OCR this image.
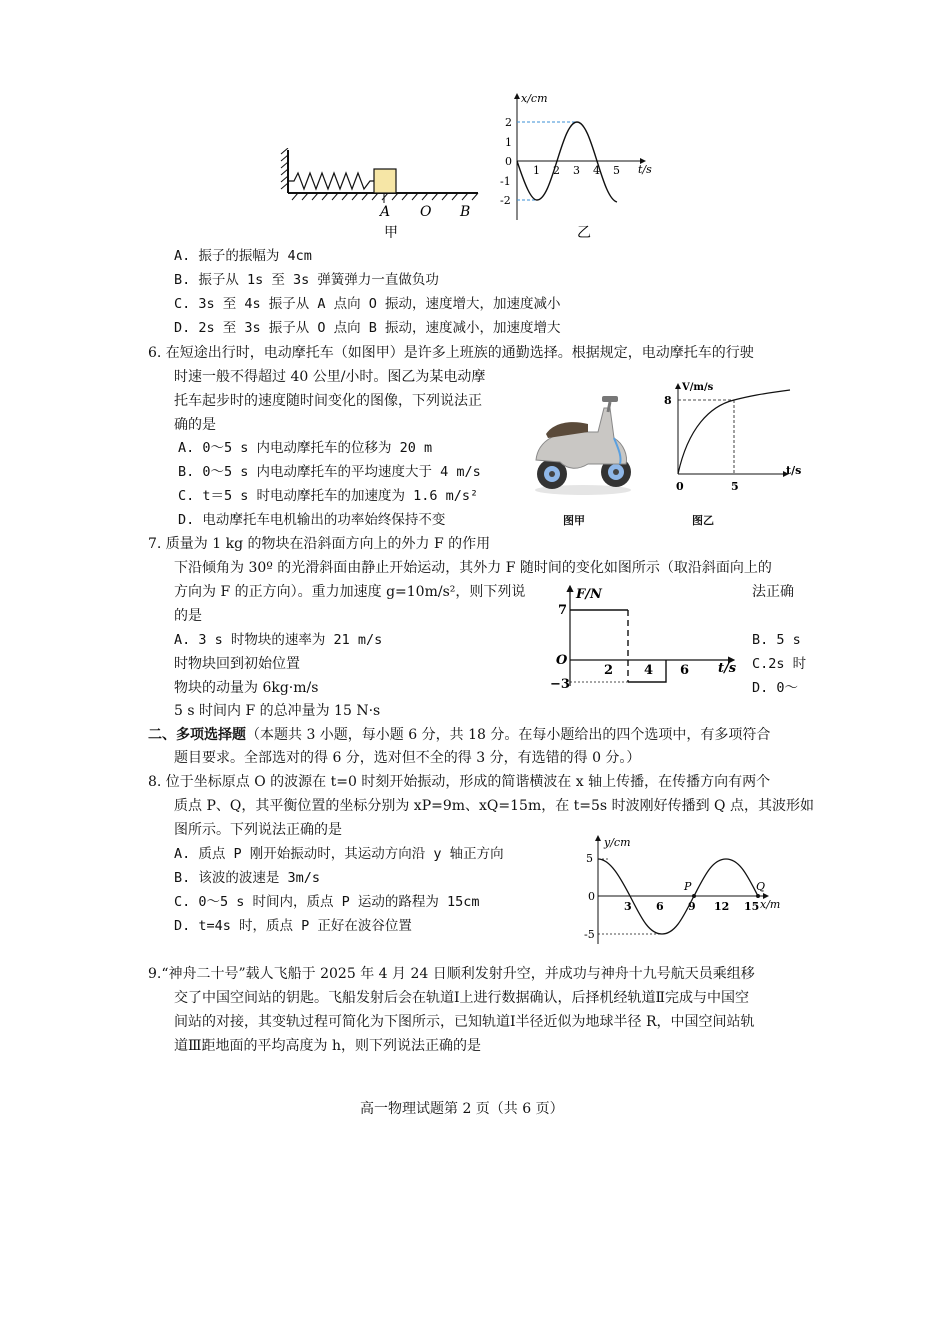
A O B
甲
x/cm
t/s
2
1
0
-1
-2
1 2 3 4 5
乙
A. 振子的振幅为 4cm
B. 振子从 1s 至 3s 弹簧弹力一直做负功
C. 3s 至 4s 振子从 A 点向 O 振动，速度增大，加速度减小
D. 2s 至 3s 振子从 O 点向 B 振动，速度减小，加速度增大
6. 在短途出行时，电动摩托车（如图甲）是许多上班族的通勤选择。根据规定，电动摩托车的行驶
时速一般不得超过 40 公里/小时。图乙为某电动摩
托车起步时的速度随时间变化的图像，下列说法正
确的是
A. 0～5 s 内电动摩托车的位移为 20 m
B. 0～5 s 内电动摩托车的平均速度大于 4 m/s
C. t＝5 s 时电动摩托车的加速度为 1.6 m/s²
D. 电动摩托车电机输出的功率始终保持不变	图甲
V/m/s
t/s
8
0	5
图乙
7. 质量为 1 kg 的物块在沿斜面方向上的外力 F 的作用
下沿倾角为 30º 的光滑斜面由静止开始运动，其外力 F 随时间的变化如图所示（取沿斜面向上的
方向为 F 的正方向）。重力加速度 g=10m/s²，则下列说	法正确
的是
A. 3 s 时物块的速率为 21 m/s	B. 5 s
时物块回到初始位置	C.2s 时
物块的动量为 6kg·m/s	D. 0～
5 s 时间内 F 的总冲量为 15 N·s
F/N
t/s
7
−3
O
2 4 6
二、多项选择题（本题共 3 小题，每小题 6 分，共 18 分。在每小题给出的四个选项中，有多项符合
题目要求。全部选对的得 6 分，选对但不全的得 3 分，有选错的得 0 分。）
8. 位于坐标原点 O 的波源在 t=0 时刻开始振动，形成的简谐横波在 x 轴上传播，在传播方向有两个
质点 P、Q，其平衡位置的坐标分别为 xP=9m、xQ=15m，在 t=5s 时波刚好传播到 Q 点，其波形如
图所示。下列说法正确的是
A. 质点 P 刚开始振动时，其运动方向沿 y 轴正方向
B. 该波的波速是 3m/s
C. 0～5 s 时间内，质点 P 运动的路程为 15cm
D. t=4s 时，质点 P 正好在波谷位置
y/cm
x/m
5
0
-5
3 6 9 12 15
P	Q
9.“神舟二十号”载人飞船于 2025 年 4 月 24 日顺利发射升空，并成功与神舟十九号航天员乘组移
交了中国空间站的钥匙。飞船发射后会在轨道Ⅰ上进行数据确认，后择机经轨道Ⅱ完成与中国空
间站的对接，其变轨过程可简化为下图所示，已知轨道Ⅰ半径近似为地球半径 R，中国空间站轨
道Ⅲ距地面的平均高度为 h，则下列说法正确的是
高一物理试题第 2 页（共 6 页）
